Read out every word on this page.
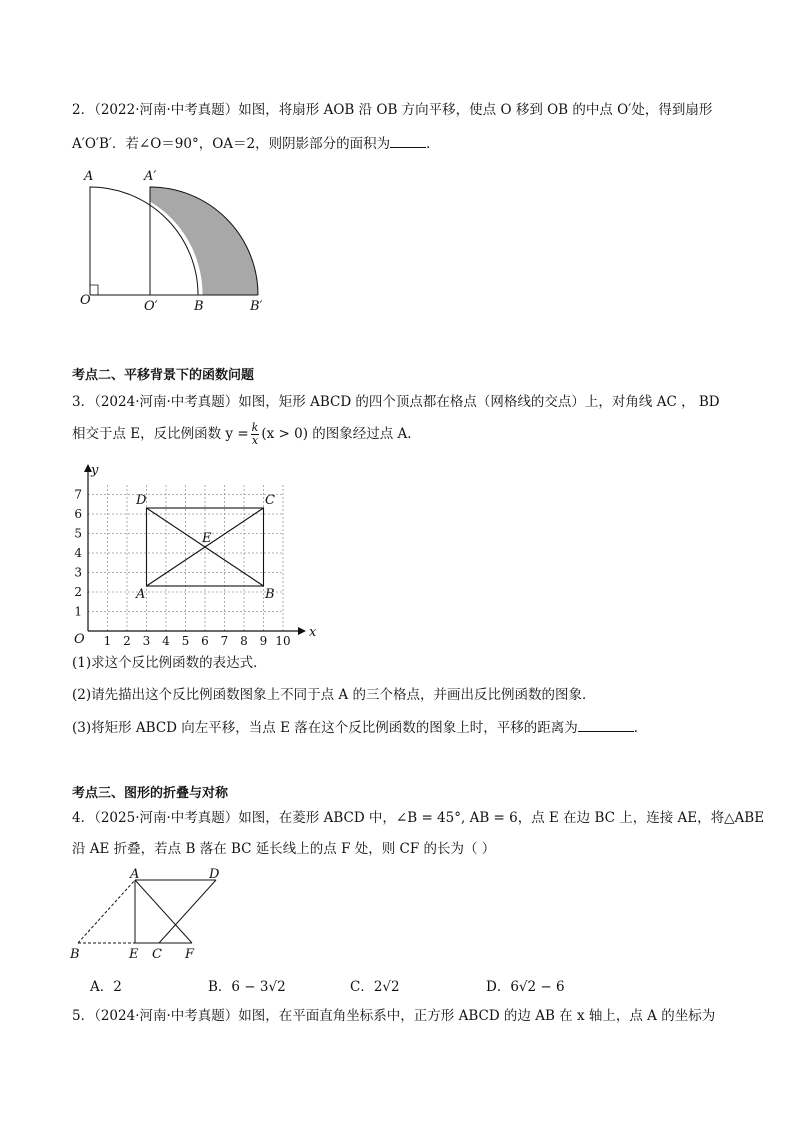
2．（2022·河南·中考真题）如图，将扇形 AOB 沿 OB 方向平移，使点 O 移到 OB 的中点 O′处，得到扇形
A′O′B′．若∠O＝90°，OA＝2，则阴影部分的面积为	．
A	A′
O	O′	B	B′
考点二、平移背景下的函数问题
3．（2024·河南·中考真题）如图，矩形 ABCD 的四个顶点都在格点（网格线的交点）上，对角线 AC ， BD
相交于点 E，反比例函数 $y = \frac{k}{x} (x > 0)$ 的图象经过点 A．
1 2 3 4 5 6 7 8 9 10
1
2
3
4
5
6
7
x
y
O
A	B
C
D
E
(1)求这个反比例函数的表达式．
(2)请先描出这个反比例函数图象上不同于点 A 的三个格点，并画出反比例函数的图象．
(3)将矩形 ABCD 向左平移，当点 E 落在这个反比例函数的图象上时，平移的距离为	．
考点三、图形的折叠与对称
4．（2025·河南·中考真题）如图，在菱形 ABCD 中，∠B = 45°, AB = 6，点 E 在边 BC 上，连接 AE，将△ABE
沿 AE 折叠，若点 B 落在 BC 延长线上的点 F 处，则 CF 的长为（ ）
A	D
B	E C F
A．2	B．6 − 3√2	C．2√2	D．6√2 − 6
5．（2024·河南·中考真题）如图，在平面直角坐标系中，正方形 ABCD 的边 AB 在 x 轴上，点 A 的坐标为
